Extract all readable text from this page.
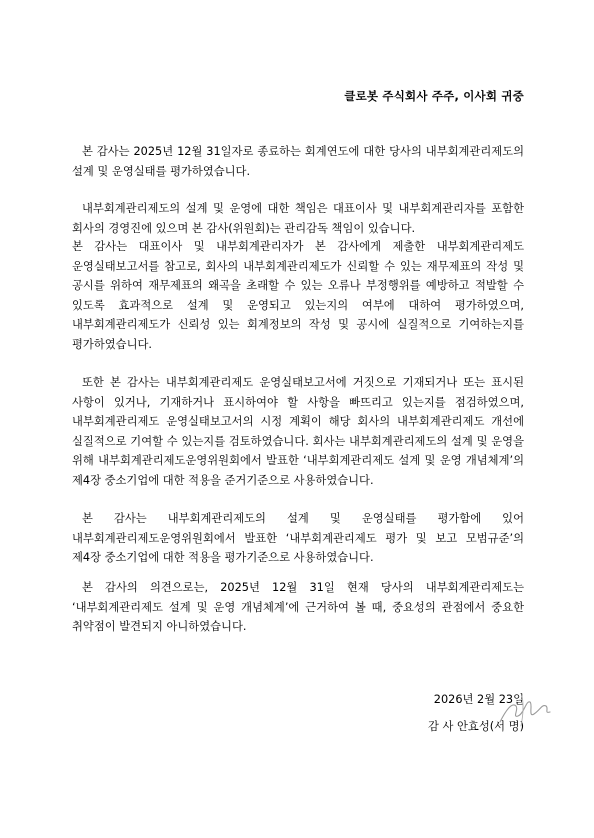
클로봇 주식회사 주주, 이사회 귀중
본 감사는 2025년 12월 31일자로 종료하는 회계연도에 대한 당사의 내부회계관리제도의 설계 및 운영실태를 평가하였습니다.
내부회계관리제도의 설계 및 운영에 대한 책임은 대표이사 및 내부회계관리자를 포함한 회사의 경영진에 있으며 본 감사(위원회)는 관리감독 책임이 있습니다.
본 감사는 대표이사 및 내부회계관리자가 본 감사에게 제출한 내부회계관리제도 운영실태보고서를 참고로, 회사의 내부회계관리제도가 신뢰할 수 있는 재무제표의 작성 및 공시를 위하여 재무제표의 왜곡을 초래할 수 있는 오류나 부정행위를 예방하고 적발할 수 있도록 효과적으로 설계 및 운영되고 있는지의 여부에 대하여 평가하였으며, 내부회계관리제도가 신뢰성 있는 회계정보의 작성 및 공시에 실질적으로 기여하는지를 평가하였습니다.
또한 본 감사는 내부회계관리제도 운영실태보고서에 거짓으로 기재되거나 또는 표시된 사항이 있거나, 기재하거나 표시하여야 할 사항을 빠뜨리고 있는지를 점검하였으며, 내부회계관리제도 운영실태보고서의 시정 계획이 해당 회사의 내부회계관리제도 개선에 실질적으로 기여할 수 있는지를 검토하였습니다. 회사는 내부회계관리제도의 설계 및 운영을 위해 내부회계관리제도운영위원회에서 발표한 ‘내부회계관리제도 설계 및 운영 개념체계’의 제4장 중소기업에 대한 적용을 준거기준으로 사용하였습니다.
본 감사는 내부회계관리제도의 설계 및 운영실태를 평가함에 있어 내부회계관리제도운영위원회에서 발표한 ‘내부회계관리제도 평가 및 보고 모범규준’의 제4장 중소기업에 대한 적용을 평가기준으로 사용하였습니다.
본 감사의 의견으로는, 2025년 12월 31일 현재 당사의 내부회계관리제도는 ‘내부회계관리제도 설계 및 운영 개념체계’에 근거하여 볼 때, 중요성의 관점에서 중요한 취약점이 발견되지 아니하였습니다.
2026년 2월 23일
감 사 안효성(서 명)
